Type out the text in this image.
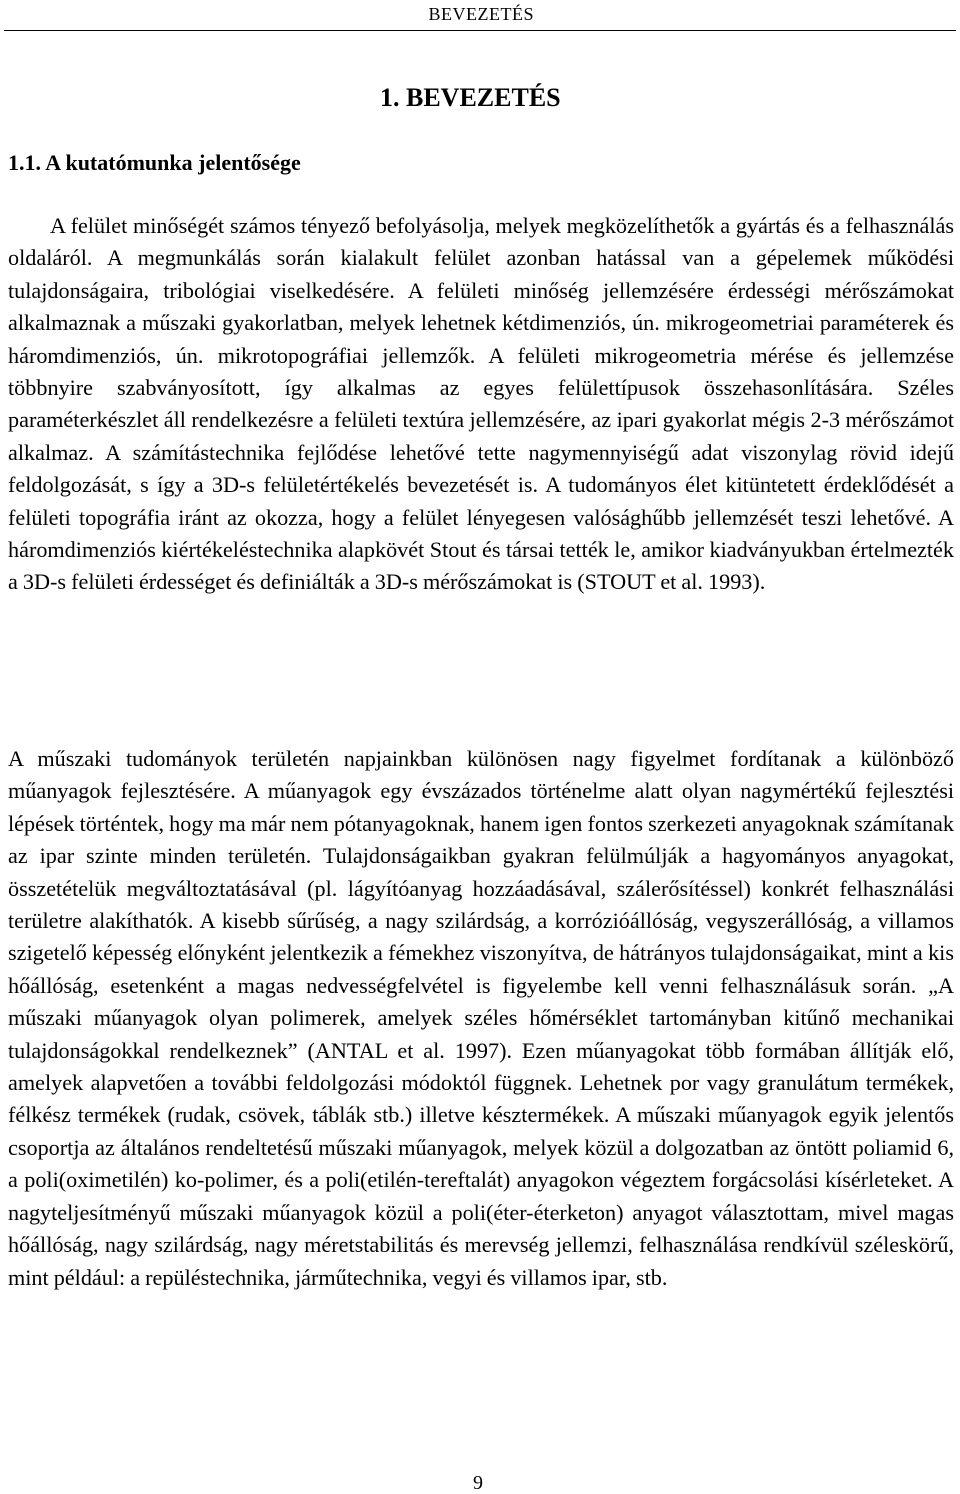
BEVEZETÉS
1. BEVEZETÉS
1.1. A kutatómunka jelentősége

A felület minőségét számos tényező befolyásolja, melyek megközelíthetők a gyártás és a felhasználás oldaláról. A megmunkálás során kialakult felület azonban hatással van a gépelemek működési tulajdonságaira, tribológiai viselkedésére. A felületi minőség jellemzésére érdességi mérőszámokat alkalmaznak a műszaki gyakorlatban, melyek lehetnek kétdimenziós, ún. mikrogeometriai paraméterek és háromdimenziós, ún. mikrotopográfiai jellemzők. A felületi mikrogeometria mérése és jellemzése többnyire szabványosított, így alkalmas az egyes felülettípusok összehasonlítására. Széles paraméterkészlet áll rendelkezésre a felületi textúra jellemzésére, az ipari gyakorlat mégis 2-3 mérőszámot alkalmaz. A számítástechnika fejlődése lehetővé tette nagymennyiségű adat viszonylag rövid idejű feldolgozását, s így a 3D-s felületértékelés bevezetését is. A tudományos élet kitüntetett érdeklődését a felületi topográfia iránt az okozza, hogy a felület lényegesen valósághűbb jellemzését teszi lehetővé. A háromdimenziós kiértékeléstechnika alapkövét Stout és társai tették le, amikor kiadványukban értelmezték a 3D-s felületi érdességet és definiálták a 3D-s mérőszámokat is (STOUT et al. 1993).

A műszaki tudományok területén napjainkban különösen nagy figyelmet fordítanak a különböző műanyagok fejlesztésére. A műanyagok egy évszázados történelme alatt olyan nagymértékű fejlesztési lépések történtek, hogy ma már nem pótanyagoknak, hanem igen fontos szerkezeti anyagoknak számítanak az ipar szinte minden területén. Tulajdonságaikban gyakran felülmúlják a hagyományos anyagokat, összetételük megváltoztatásával (pl. lágyítóanyag hozzáadásával, szálerősítéssel) konkrét felhasználási területre alakíthatók. A kisebb sűrűség, a nagy szilárdság, a korrózióállóság, vegyszerállóság, a villamos szigetelő képesség előnyként jelentkezik a fémekhez viszonyítva, de hátrányos tulajdonságaikat, mint a kis hőállóság, esetenként a magas nedvességfelvétel is figyelembe kell venni felhasználásuk során. „A műszaki műanyagok olyan polimerek, amelyek széles hőmérséklet tartományban kitűnő mechanikai tulajdonságokkal rendelkeznek” (ANTAL et al. 1997). Ezen műanyagokat több formában állítják elő, amelyek alapvetően a további feldolgozási módoktól függnek. Lehetnek por vagy granulátum termékek, félkész termékek (rudak, csövek, táblák stb.) illetve késztermékek. A műszaki műanyagok egyik jelentős csoportja az általános rendeltetésű műszaki műanyagok, melyek közül a dolgozatban az öntött poliamid 6, a poli(oximetilén) ko-polimer, és a poli(etilén-tereftalát) anyagokon végeztem forgácsolási kísérleteket. A nagyteljesítményű műszaki műanyagok közül a poli(éter-éterketon) anyagot választottam, mivel magas hőállóság, nagy szilárdság, nagy méretstabilitás és merevség jellemzi, felhasználása rendkívül széleskörű, mint például: a repüléstechnika, járműtechnika, vegyi és villamos ipar, stb.

9
